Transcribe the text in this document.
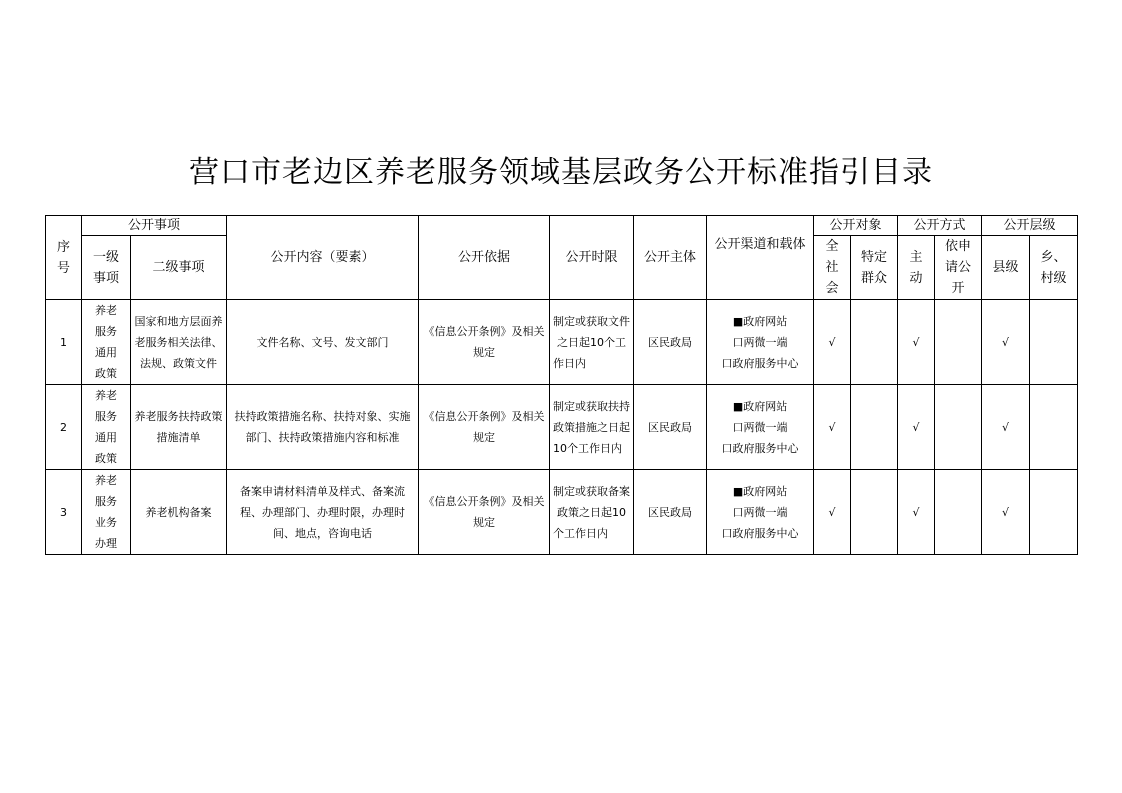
营口市老边区养老服务领域基层政务公开标准指引目录
序号	公开事项		公开内容（要素）	公开依据	公开时限	公开主体	公开渠道和载体	公开对象		公开方式		公开层级	
	一级事项	二级事项						全社会	特定群众	主动	依申请公开	县级	乡、村级
1	养老服务通用政策	国家和地方层面养老服务相关法律、法规、政策文件	文件名称、文号、发文部门	《信息公开条例》及相关规定	制定或获取文件之日起10个工作日内	区民政局	■政府网站
口两微一端
口政府服务中心	√		√		√	
2	养老服务通用政策	养老服务扶持政策措施清单	扶持政策措施名称、扶持对象、实施部门、扶持政策措施内容和标准	《信息公开条例》及相关规定	制定或获取扶持政策措施之日起10个工作日内	区民政局	■政府网站
口两微一端
口政府服务中心	√		√		√	
3	养老服务业务办理	养老机构备案	备案申请材料清单及样式、备案流程、办理部门、办理时限，办理时间、地点，咨询电话	《信息公开条例》及相关规定	制定或获取备案政策之日起10个工作日内	区民政局	■政府网站
口两微一端
口政府服务中心	√		√		√	
